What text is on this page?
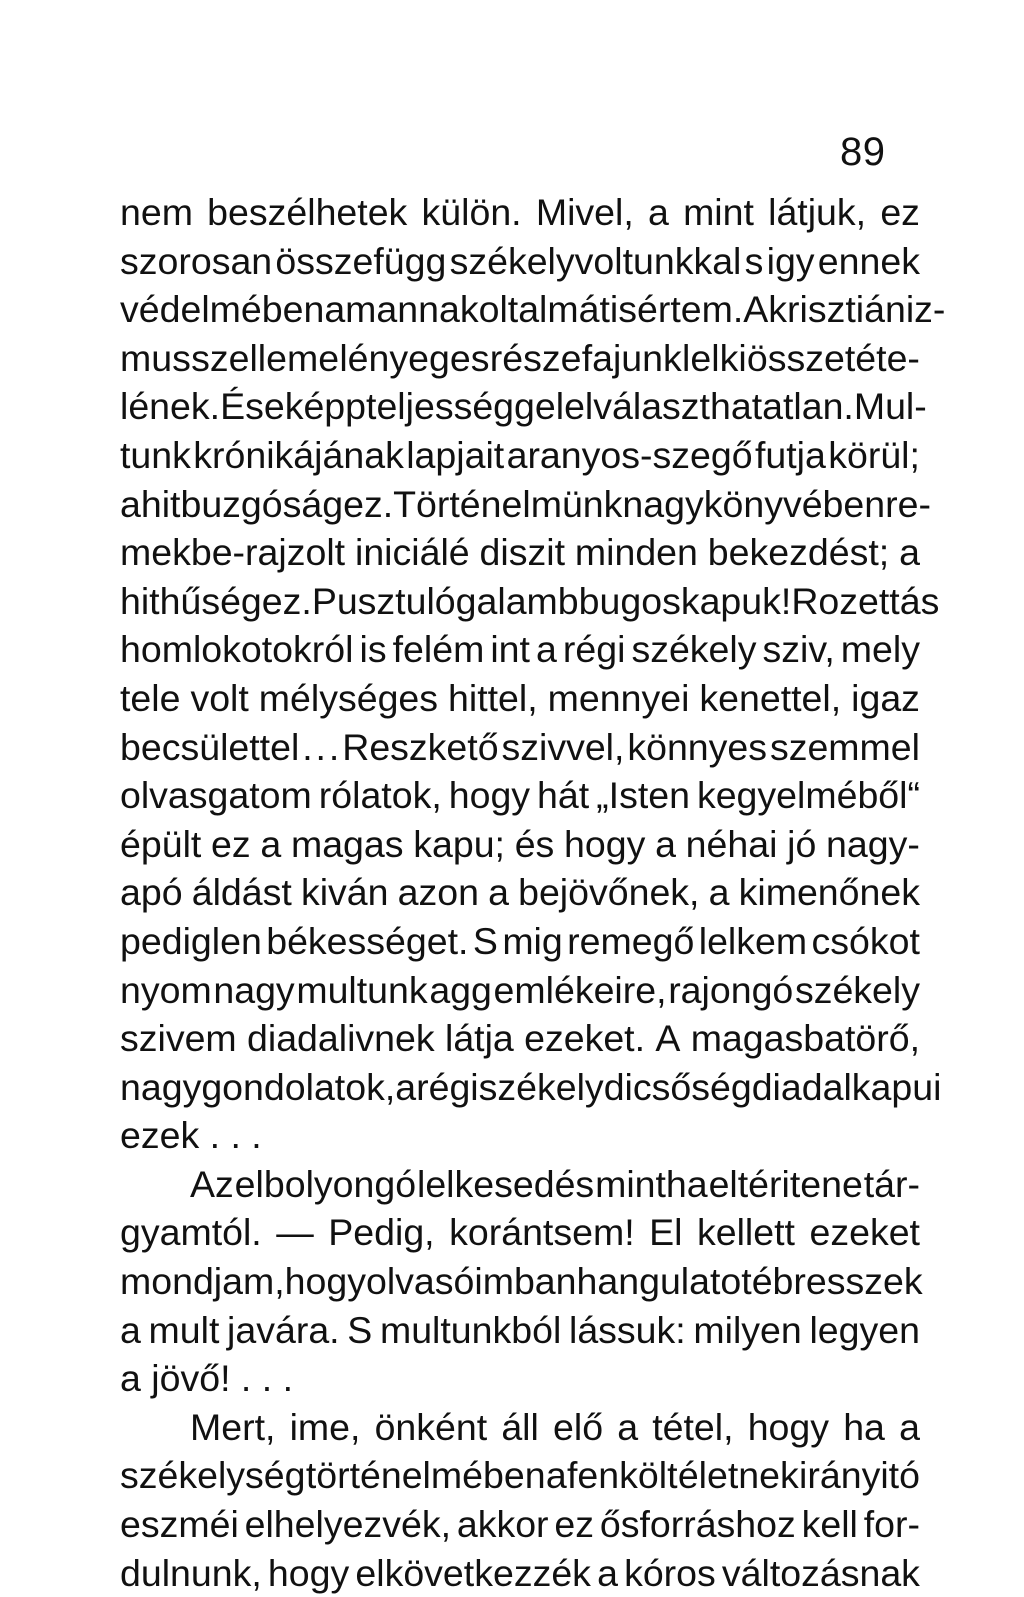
89
nem beszélhetek külön. Mivel, a mint látjuk, ez
szorosan összefügg székelyvoltunkkal s igy ennek
védelmében amannak oltalmát is értem. A krisztiániz-
mus szelleme lényeges része fajunk lelki összetéte-
lének. És eképp teljességgel elválaszthatatlan. Mul-
tunk krónikájának lapjait aranyos-szegő futja körül;
a hitbuzgóság ez. Történelmünk nagykönyvében re-
mekbe-rajzolt iniciálé diszit minden bekezdést; a
hithűség ez. Pusztuló galambbugos kapuk! Rozettás
homlokotokról is felém int a régi székely sziv, mely
tele volt mélységes hittel, mennyei kenettel, igaz
becsülettel . . . Reszkető szivvel, könnyes szemmel
olvasgatom rólatok, hogy hát „Isten kegyelméből“
épült ez a magas kapu; és hogy a néhai jó nagy-
apó áldást kiván azon a bejövőnek, a kimenőnek
pediglen békességet. S mig remegő lelkem csókot
nyom nagy multunk agg emlékeire, rajongó székely
szivem diadalivnek látja ezeket. A magasbatörő,
nagy gondolatok, a régi székely dicsőség diadalkapui
ezek . . .
Az elbolyongó lelkesedés mintha eltéritene tár-
gyamtól. — Pedig, korántsem! El kellett ezeket
mondjam, hogy olvasóimban hangulatot ébresszek
a mult javára. S multunkból lássuk: milyen legyen
a jövő! . . .
Mert, ime, önként áll elő a tétel, hogy ha a
székelység történelmében a fenkölt életnek irányitó
eszméi elhelyezvék, akkor ez ősforráshoz kell for-
dulnunk, hogy elkövetkezzék a kóros változásnak
